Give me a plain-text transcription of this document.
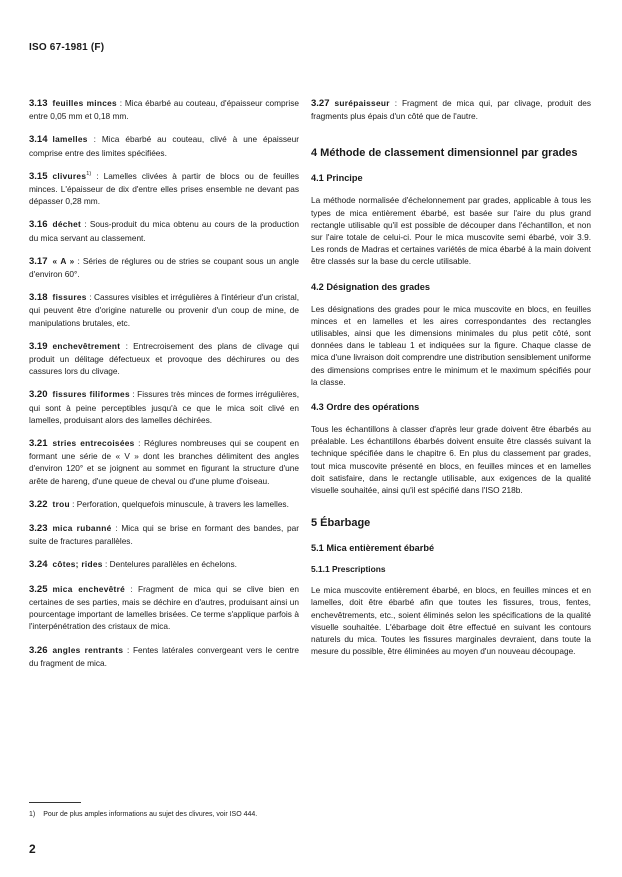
ISO 67-1981 (F)

3.13 feuilles minces : Mica ébarbé au couteau, d'épaisseur comprise entre 0,05 mm et 0,18 mm.

3.14 lamelles : Mica ébarbé au couteau, clivé à une épaisseur comprise entre des limites spécifiées.

3.15 clivures$^{1)}$ : Lamelles clivées à partir de blocs ou de feuilles minces. L'épaisseur de dix d'entre elles prises ensemble ne devant pas dépasser 0,28 mm.

3.16 déchet : Sous-produit du mica obtenu au cours de la production du mica servant au classement.

3.17 « A » : Séries de réglures ou de stries se coupant sous un angle d'environ 60°.

3.18 fissures : Cassures visibles et irrégulières à l'intérieur d'un cristal, qui peuvent être d'origine naturelle ou provenir d'un coup de mine, de manipulations brutales, etc.

3.19 enchevêtrement : Entrecroisement des plans de clivage qui produit un délitage défectueux et provoque des déchirures ou des cassures lors du clivage.

3.20 fissures filiformes : Fissures très minces de formes irrégulières, qui sont à peine perceptibles jusqu'à ce que le mica soit clivé en lamelles, produisant alors des lamelles déchirées.

3.21 stries entrecoisées : Réglures nombreuses qui se coupent en formant une série de « V » dont les branches délimitent des angles d'environ 120° et se joignent au sommet en figurant la structure d'une arête de hareng, d'une queue de cheval ou d'une plume d'oiseau.

3.22 trou : Perforation, quelquefois minuscule, à travers les lamelles.

3.23 mica rubanné : Mica qui se brise en formant des bandes, par suite de fractures parallèles.

3.24 côtes; rides : Dentelures parallèles en échelons.

3.25 mica enchevêtré : Fragment de mica qui se clive bien en certaines de ses parties, mais se déchire en d'autres, produisant ainsi un pourcentage important de lamelles brisées. Ce terme s'applique parfois à l'interpénétration des cristaux de mica.

3.26 angles rentrants : Fentes latérales convergeant vers le centre du fragment de mica.

3.27 surépaisseur : Fragment de mica qui, par clivage, produit des fragments plus épais d'un côté que de l'autre.

4 Méthode de classement dimensionnel par grades

4.1 Principe

La méthode normalisée d'échelonnement par grades, applicable à tous les types de mica entièrement ébarbé, est basée sur l'aire du plus grand rectangle utilisable qu'il est possible de découper dans l'échantillon, et non sur l'aire totale de celui-ci. Pour le mica muscovite semi ébarbé, voir 3.9. Les ronds de Madras et certaines variétés de mica ébarbé à la main doivent être classés sur la base du cercle utilisable.

4.2 Désignation des grades

Les désignations des grades pour le mica muscovite en blocs, en feuilles minces et en lamelles et les aires correspondantes des rectangles utilisables, ainsi que les dimensions minimales du plus petit côté, sont données dans le tableau 1 et indiquées sur la figure. Chaque classe de mica d'une livraison doit comprendre une distribution sensiblement uniforme des dimensions comprises entre le minimum et le maximum spécifiés pour la classe.

4.3 Ordre des opérations

Tous les échantillons à classer d'après leur grade doivent être ébarbés au préalable. Les échantillons ébarbés doivent ensuite être classés suivant la technique spécifiée dans le chapitre 6. En plus du classement par grades, tout mica muscovite présenté en blocs, en feuilles minces et en lamelles doit satisfaire, dans le rectangle utilisable, aux exigences de la qualité visuelle souhaitée, ainsi qu'il est spécifié dans l'ISO 218b.

5 Ébarbage

5.1 Mica entièrement ébarbé

5.1.1 Prescriptions

Le mica muscovite entièrement ébarbé, en blocs, en feuilles minces et en lamelles, doit être ébarbé afin que toutes les fissures, trous, fentes, enchevêtrements, etc., soient éliminés selon les spécifications de la qualité visuelle souhaitée. L'ébarbage doit être effectué en suivant les contours naturels du mica. Toutes les fissures marginales devraient, dans toute la mesure du possible, être éliminées au moyen d'un nouveau découpage.

1) Pour de plus amples informations au sujet des clivures, voir ISO 444.
2
